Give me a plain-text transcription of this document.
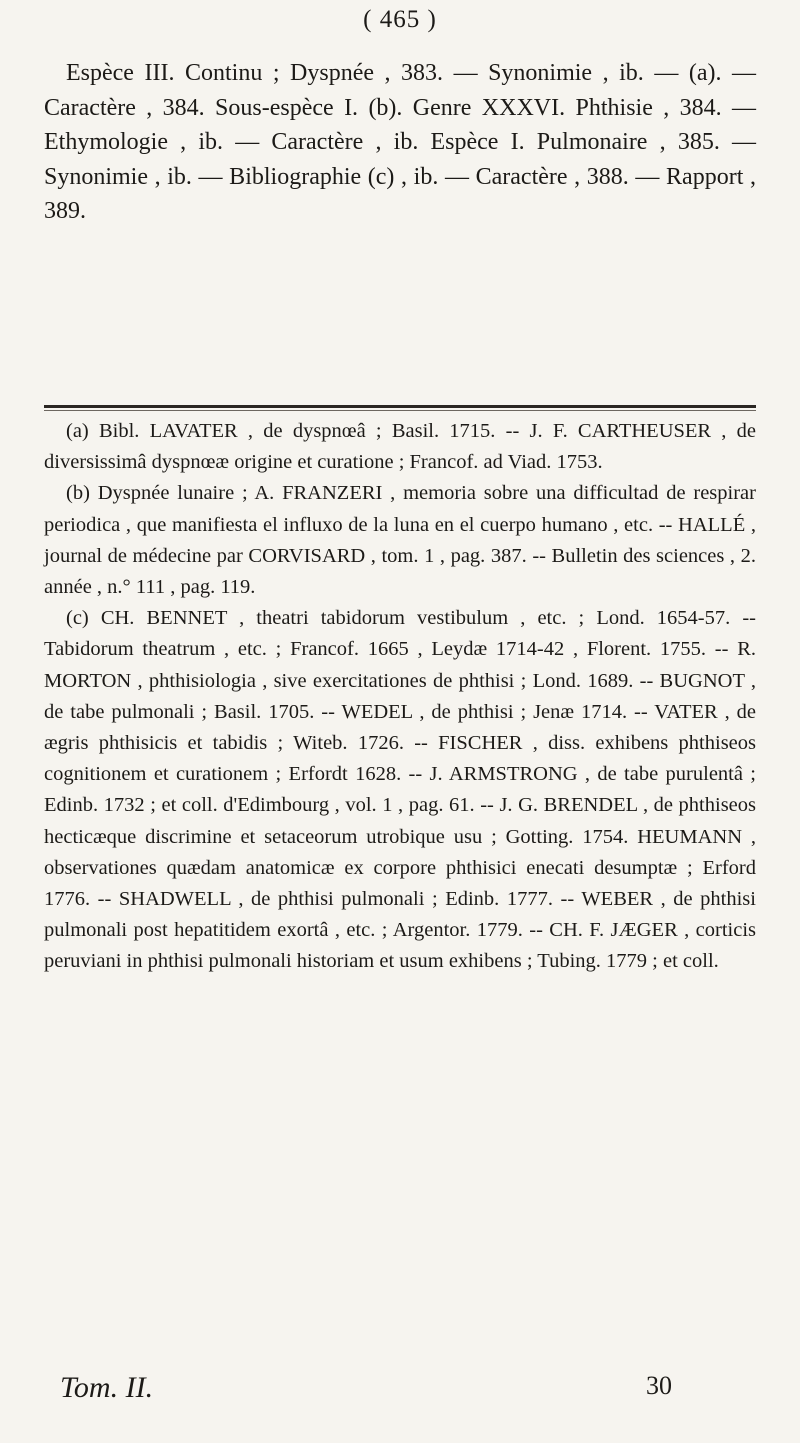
( 465 )

Espèce III. Continu ; Dyspnée , 383. — Synonimie , ib. — (a). — Caractère , 384. Sous-espèce I. (b). Genre XXXVI. Phthisie , 384. — Ethymologie , ib. — Caractère , ib. Espèce I. Pulmonaire , 385. — Synonimie , ib. — Bibliographie (c) , ib. — Caractère , 388. — Rapport , 389.

(a) Bibl. LAVATER , de dyspnœâ ; Basil. 1715. -- J. F. CARTHEUSER , de diversissimâ dyspnœæ origine et curatione ; Francof. ad Viad. 1753.

(b) Dyspnée lunaire ; A. FRANZERI , memoria sobre una difficultad de respirar periodica , que manifiesta el influxo de la luna en el cuerpo humano , etc. -- HALLÉ , journal de médecine par CORVISARD , tom. 1 , pag. 387. -- Bulletin des sciences , 2. année , n.° 111 , pag. 119.

(c) CH. BENNET , theatri tabidorum vestibulum , etc. ; Lond. 1654-57. -- Tabidorum theatrum , etc. ; Francof. 1665 , Leydæ 1714-42 , Florent. 1755. -- R. MORTON , phthisiologia , sive exercitationes de phthisi ; Lond. 1689. -- BUGNOT , de tabe pulmonali ; Basil. 1705. -- WEDEL , de phthisi ; Jenæ 1714. -- VATER , de ægris phthisicis et tabidis ; Witeb. 1726. -- FISCHER , diss. exhibens phthiseos cognitionem et curationem ; Erfordt 1628. -- J. ARMSTRONG , de tabe purulentâ ; Edinb. 1732 ; et coll. d'Edimbourg , vol. 1 , pag. 61. -- J. G. BRENDEL , de phthiseos hecticæque discrimine et setaceorum utrobique usu ; Gotting. 1754. HEUMANN , observationes quædam anatomicæ ex corpore phthisici enecati desumptæ ; Erford 1776. -- SHADWELL , de phthisi pulmonali ; Edinb. 1777. -- WEBER , de phthisi pulmonali post hepatitidem exortâ , etc. ; Argentor. 1779. -- CH. F. JÆGER , corticis peruviani in phthisi pulmonali historiam et usum exhibens ; Tubing. 1779 ; et coll.

Tom. II.	30
